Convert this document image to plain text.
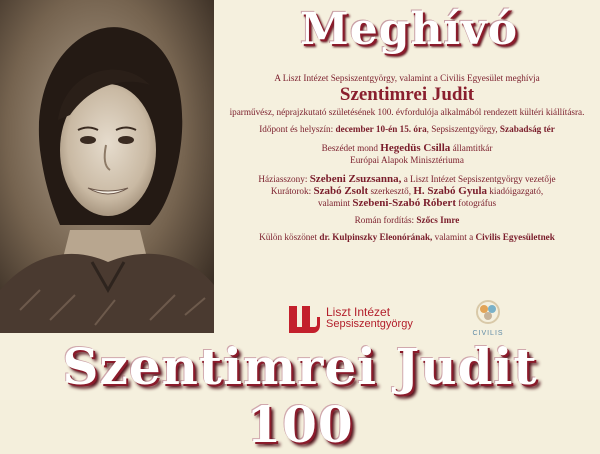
Meghívó

A Liszt Intézet Sepsiszentgyörgy, valamint a Civilis Egyesület meghívja

Szentimrei Judit

iparművész, néprajzkutató születésének 100. évfordulója alkalmából rendezett kültéri kiállításra.

Időpont és helyszín: december 10-én 15. óra, Sepsiszentgyörgy, Szabadság tér

Beszédet mond Hegedüs Csilla államtitkár

Európai Alapok Minisztériuma

Háziasszony: Szebeni Zsuzsanna, a Liszt Intézet Sepsiszentgyörgy vezetője

Kurátorok: Szabó Zsolt szerkesztő, H. Szabó Gyula kiadóigazgató,

valamint Szebeni-Szabó Róbert fotográfus

Román fordítás: Szőcs Imre

Külön köszönet dr. Kulpinszky Eleonórának, valamint a Civilis Egyesületnek

Liszt Intézet
Sepsiszentgyörgy
CIVILIS
Szentimrei Judit 100
